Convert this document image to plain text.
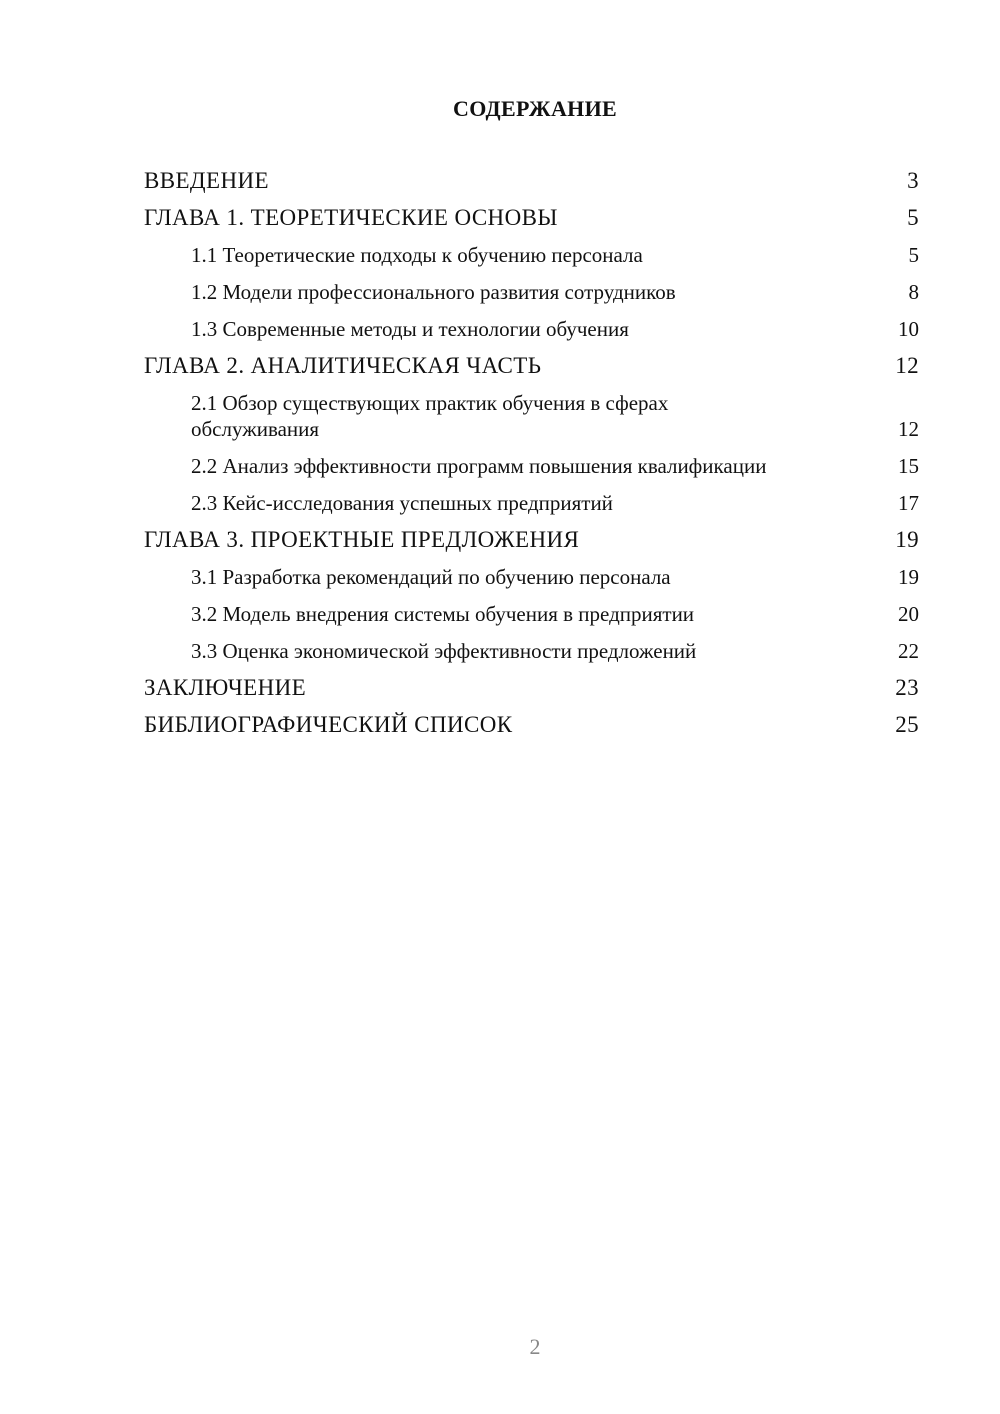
СОДЕРЖАНИЕ
ВВЕДЕНИЕ	3
ГЛАВА 1. ТЕОРЕТИЧЕСКИЕ ОСНОВЫ	5
1.1 Теоретические подходы к обучению персонала	5
1.2 Модели профессионального развития сотрудников	8
1.3 Современные методы и технологии обучения	10
ГЛАВА 2. АНАЛИТИЧЕСКАЯ ЧАСТЬ	12
2.1 Обзор существующих практик обучения в сферах обслуживания	12
2.2 Анализ эффективности программ повышения квалификации	15
2.3 Кейс-исследования успешных предприятий	17
ГЛАВА 3. ПРОЕКТНЫЕ ПРЕДЛОЖЕНИЯ	19
3.1 Разработка рекомендаций по обучению персонала	19
3.2 Модель внедрения системы обучения в предприятии	20
3.3 Оценка экономической эффективности предложений	22
ЗАКЛЮЧЕНИЕ	23
БИБЛИОГРАФИЧЕСКИЙ СПИСОК	25
2
